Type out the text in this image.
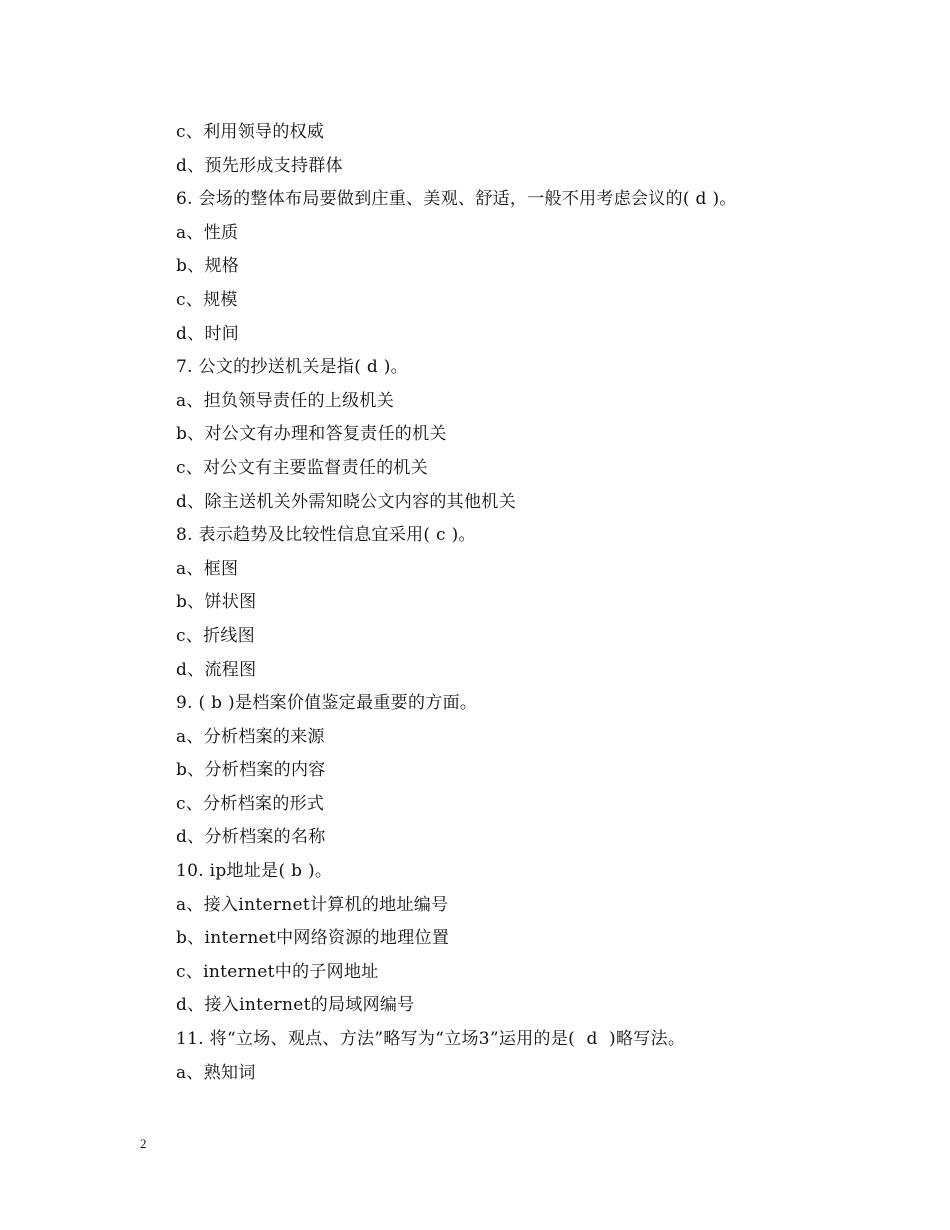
c、利用领导的权威
d、预先形成支持群体
6. 会场的整体布局要做到庄重、美观、舒适，一般不用考虑会议的( d )。
a、性质
b、规格
c、规模
d、时间
7. 公文的抄送机关是指( d )。
a、担负领导责任的上级机关
b、对公文有办理和答复责任的机关
c、对公文有主要监督责任的机关
d、除主送机关外需知晓公文内容的其他机关
8. 表示趋势及比较性信息宜采用( c )。
a、框图
b、饼状图
c、折线图
d、流程图
9. ( b )是档案价值鉴定最重要的方面。
a、分析档案的来源
b、分析档案的内容
c、分析档案的形式
d、分析档案的名称
10. ip地址是( b )。
a、接入internet计算机的地址编号
b、internet中网络资源的地理位置
c、internet中的子网地址
d、接入internet的局域网编号
11. 将“立场、观点、方法”略写为“立场3”运用的是(  d  )略写法。
a、熟知词
2
